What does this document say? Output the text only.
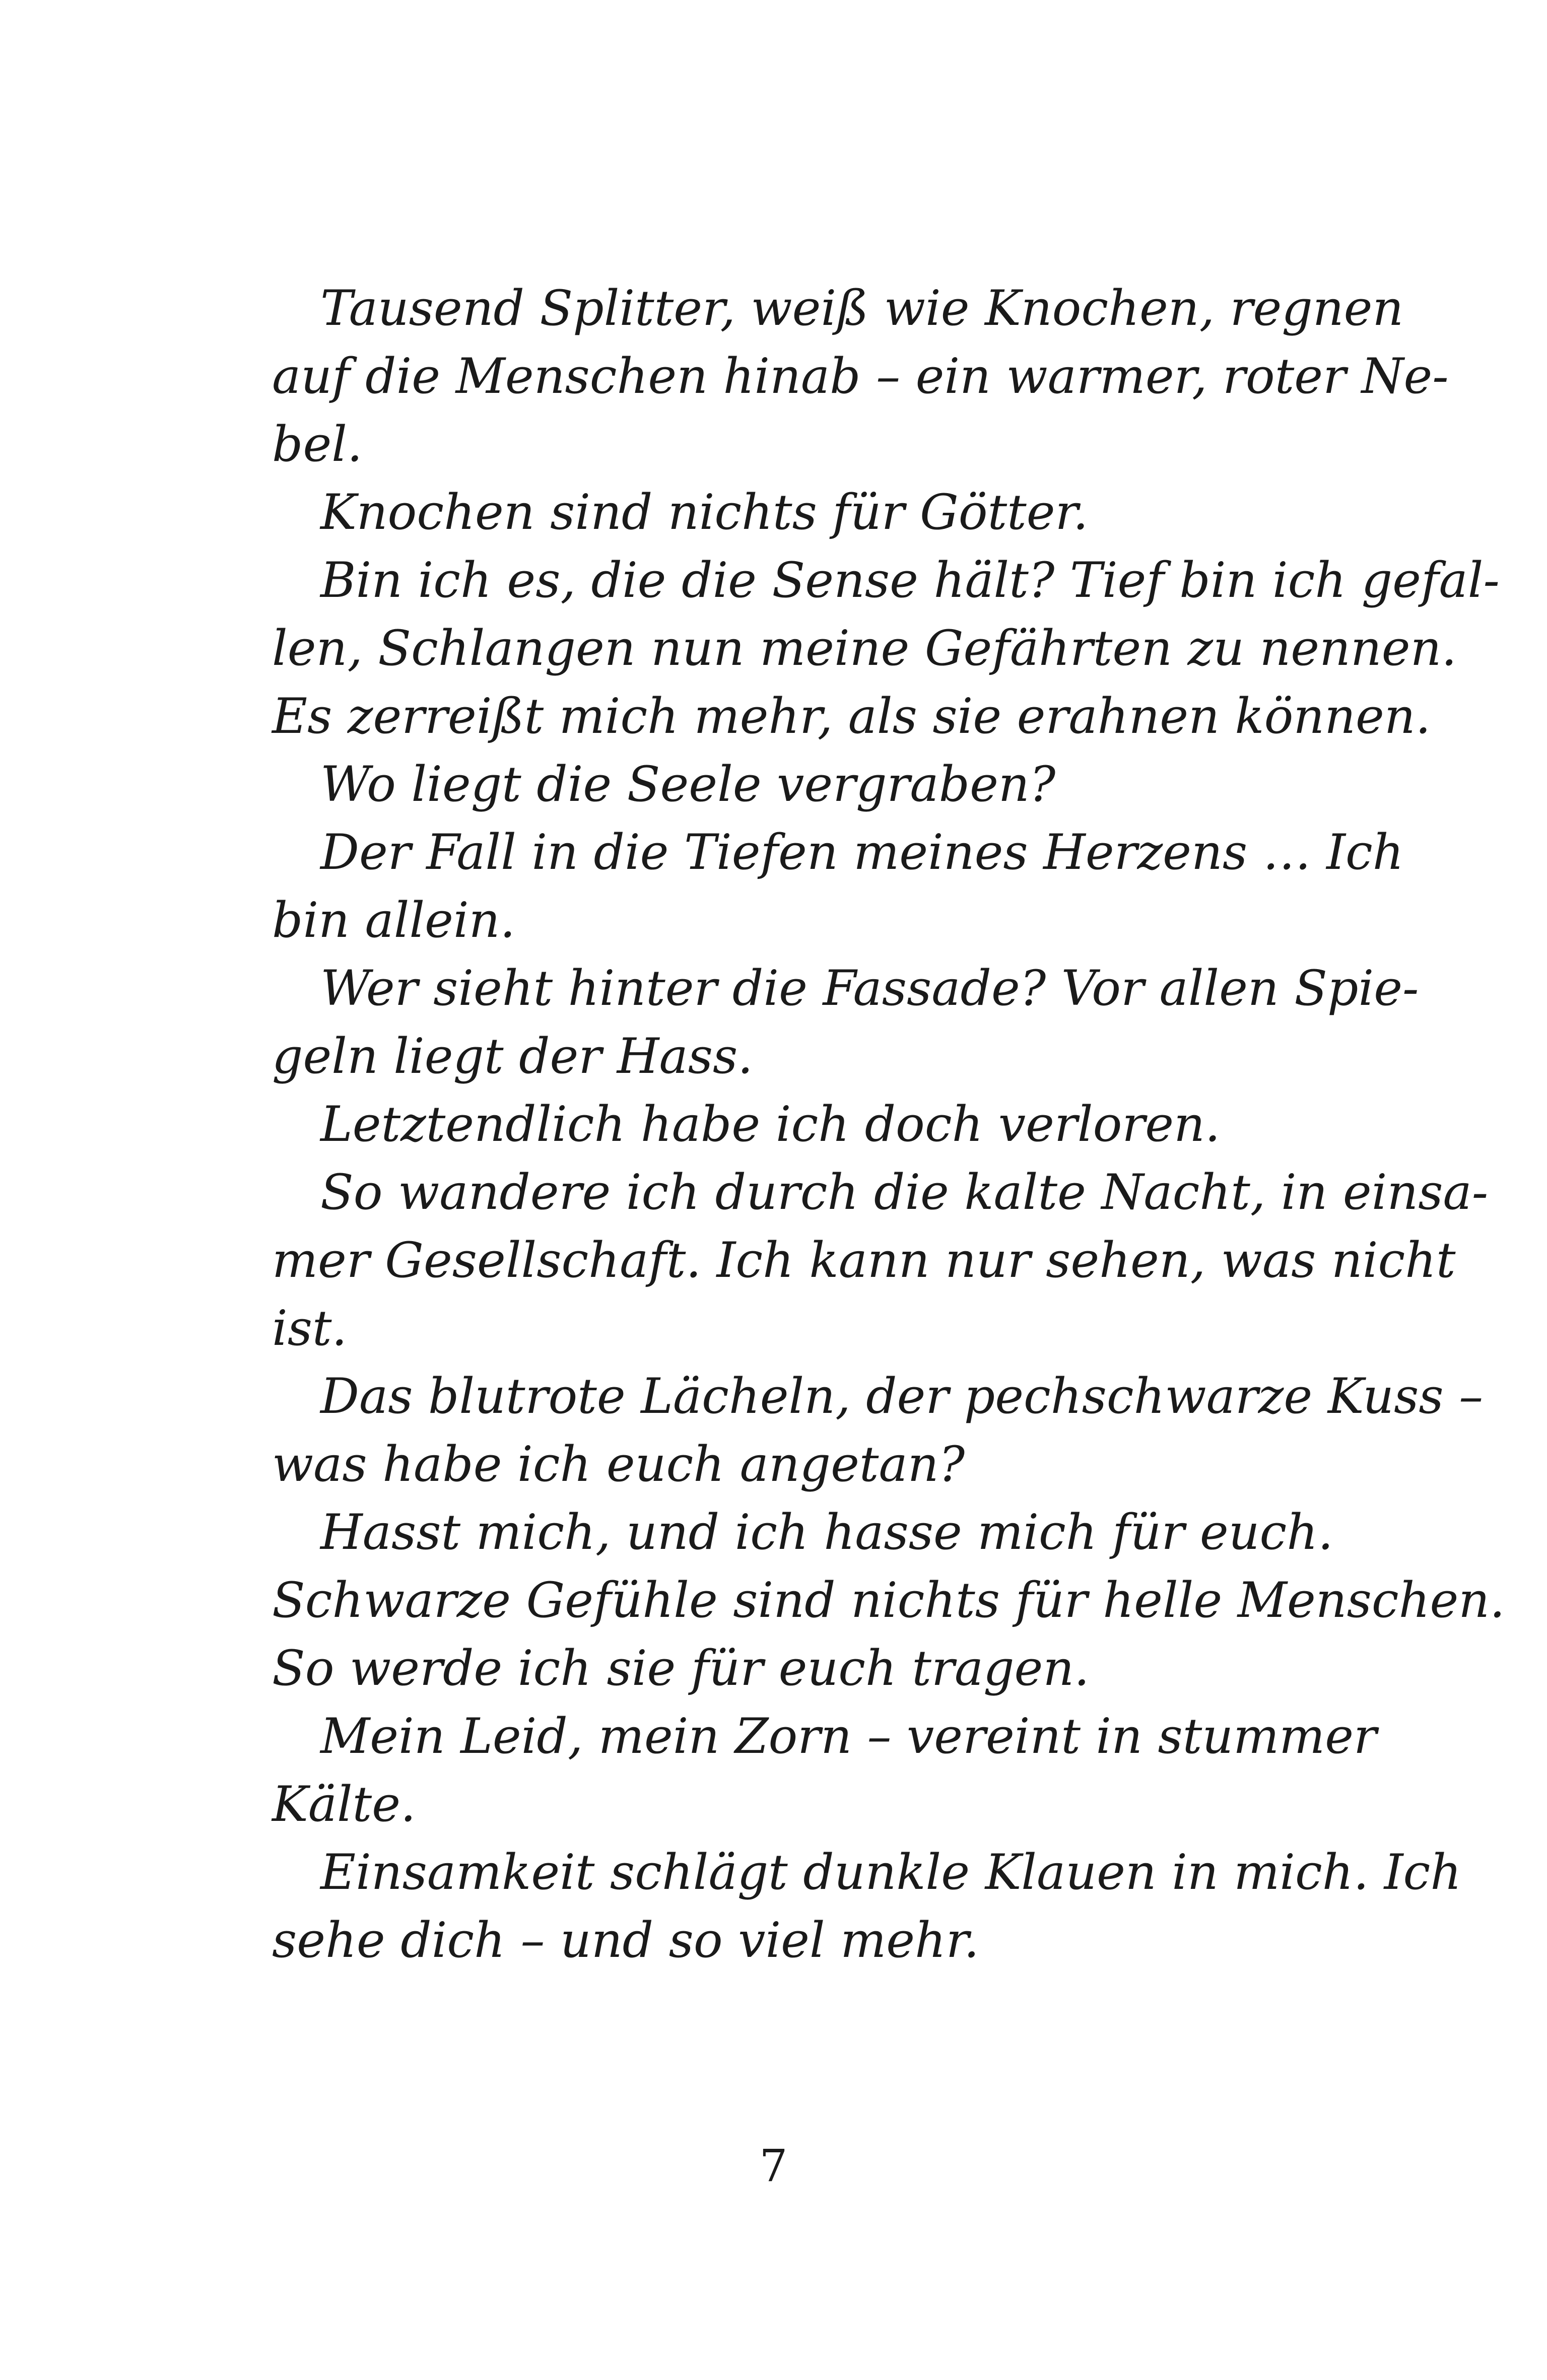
Tausend Splitter, weiß wie Knochen, regnen
auf die Menschen hinab – ein warmer, roter Ne-
bel.
Knochen sind nichts für Götter.
Bin ich es, die die Sense hält? Tief bin ich gefal-
len, Schlangen nun meine Gefährten zu nennen.
Es zerreißt mich mehr, als sie erahnen können.
Wo liegt die Seele vergraben?
Der Fall in die Tiefen meines Herzens … Ich
bin allein.
Wer sieht hinter die Fassade? Vor allen Spie-
geln liegt der Hass.
Letztendlich habe ich doch verloren.
So wandere ich durch die kalte Nacht, in einsa-
mer Gesellschaft. Ich kann nur sehen, was nicht
ist.
Das blutrote Lächeln, der pechschwarze Kuss –
was habe ich euch angetan?
Hasst mich, und ich hasse mich für euch.
Schwarze Gefühle sind nichts für helle Menschen.
So werde ich sie für euch tragen.
Mein Leid, mein Zorn – vereint in stummer
Kälte.
Einsamkeit schlägt dunkle Klauen in mich. Ich
sehe dich – und so viel mehr.
7
